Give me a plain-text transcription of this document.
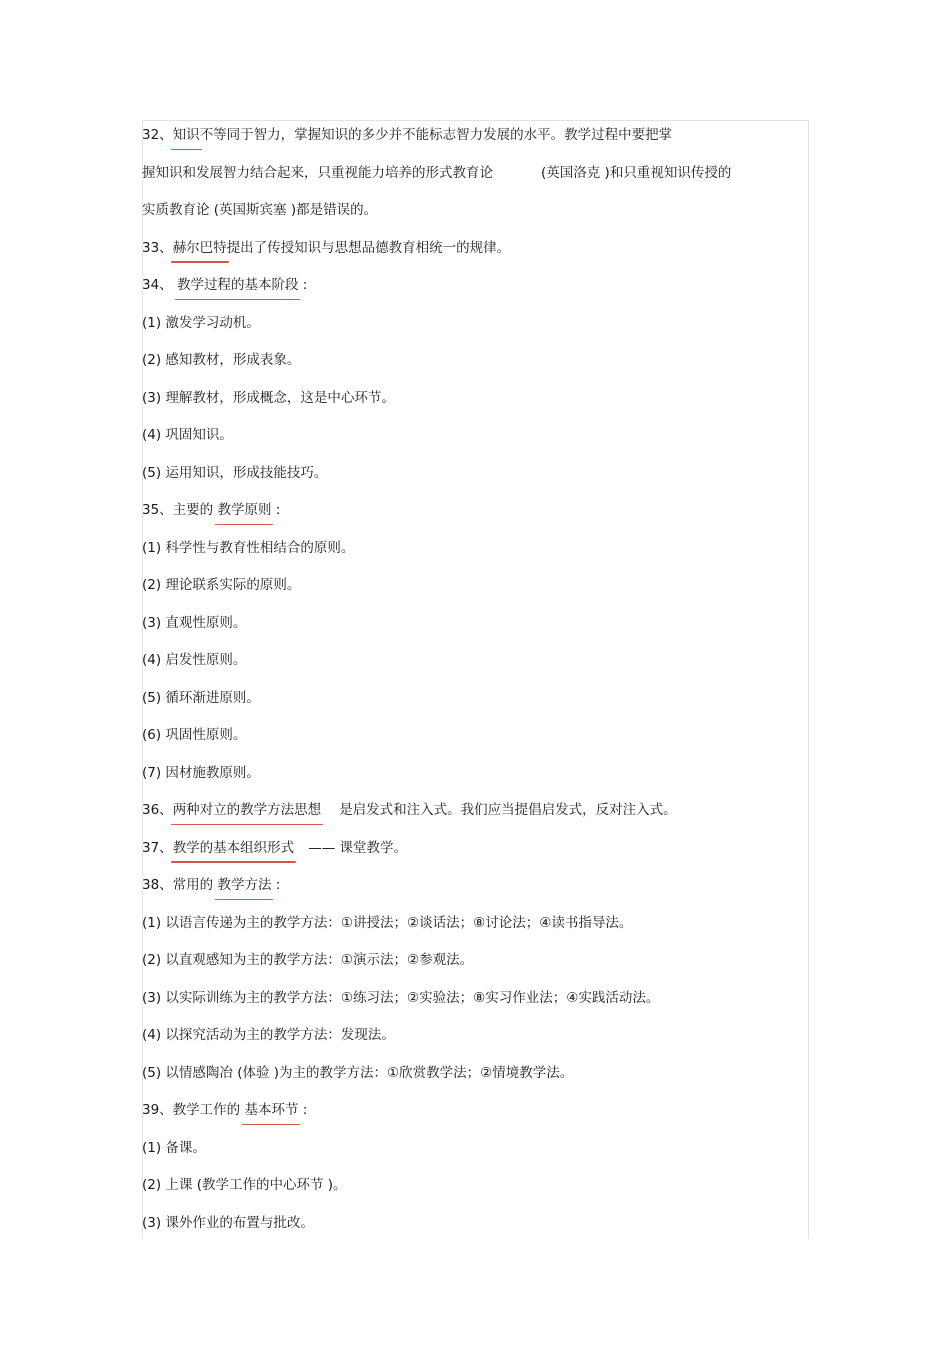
32、知识不等同于智力，掌握知识的多少并不能标志智力发展的水平。教学过程中要把掌
握知识和发展智力结合起来，只重视能力培养的形式教育论	(英国洛克 )和只重视知识传授的
实质教育论 (英国斯宾塞 )都是错误的。
33、赫尔巴特提出了传授知识与思想品德教育相统一的规律。
34、 教学过程的基本阶段 :
(1) 激发学习动机。
(2) 感知教材，形成表象。
(3) 理解教材，形成概念，这是中心环节。
(4) 巩固知识。
(5) 运用知识，形成技能技巧。
35、主要的 教学原则 :
(1) 科学性与教育性相结合的原则。
(2) 理论联系实际的原则。
(3) 直观性原则。
(4) 启发性原则。
(5) 循环渐进原则。
(6) 巩固性原则。
(7) 因材施教原则。
36、两种对立的教学方法思想 是启发式和注入式。我们应当提倡启发式，反对注入式。
37、教学的基本组织形式 —— 课堂教学。
38、常用的 教学方法 :
(1) 以语言传递为主的教学方法：①讲授法；②谈话法；⑧讨论法；④读书指导法。
(2) 以直观感知为主的教学方法：①演示法；②参观法。
(3) 以实际训练为主的教学方法：①练习法；②实验法；⑧实习作业法；④实践活动法。
(4) 以探究活动为主的教学方法：发现法。
(5) 以情感陶冶 (体验 )为主的教学方法：①欣赏教学法；②情境教学法。
39、教学工作的 基本环节 :
(1) 备课。
(2) 上课 (教学工作的中心环节 )。
(3) 课外作业的布置与批改。
